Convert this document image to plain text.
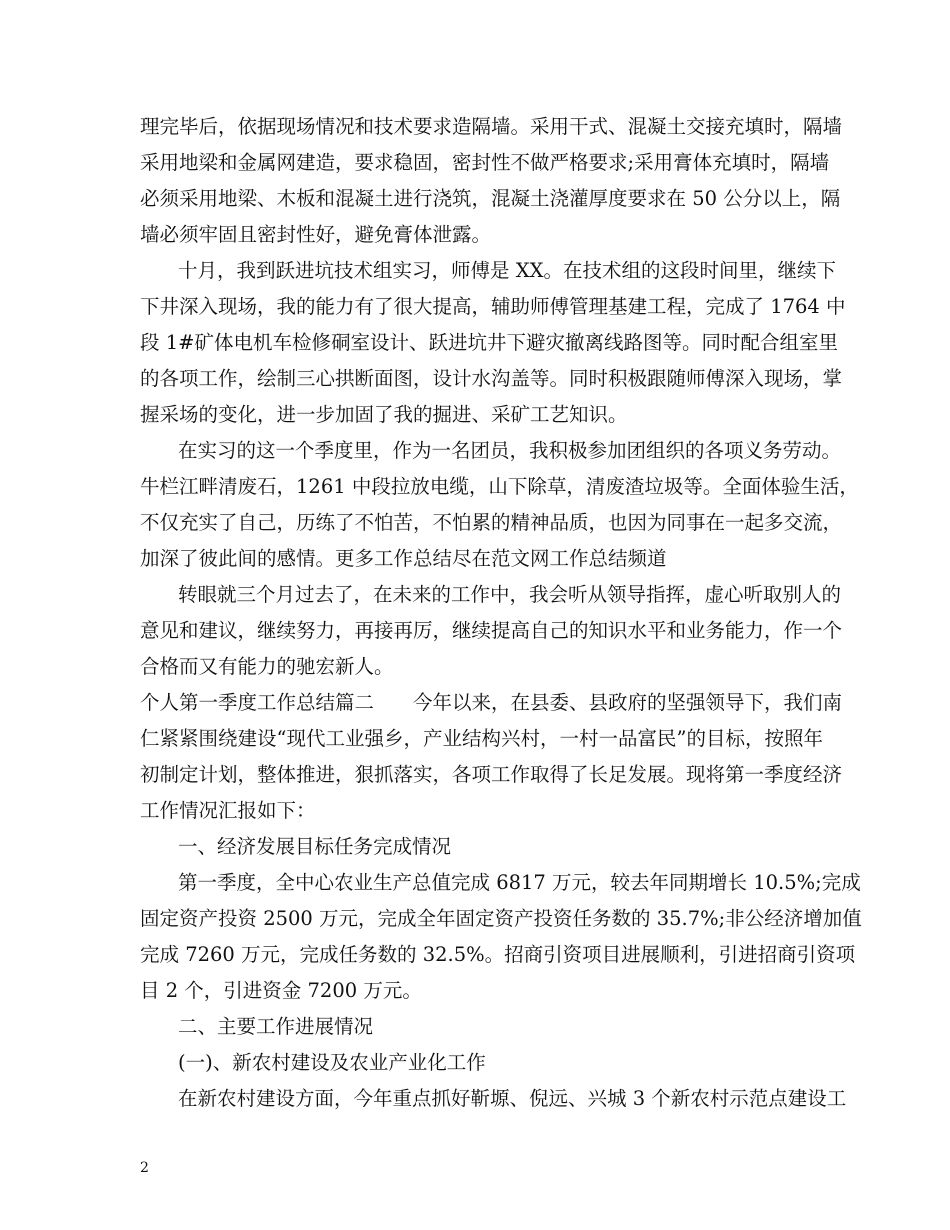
理完毕后，依据现场情况和技术要求造隔墙。采用干式、混凝土交接充填时，隔墙
采用地梁和金属网建造，要求稳固，密封性不做严格要求;采用膏体充填时，隔墙
必须采用地梁、木板和混凝土进行浇筑，混凝土浇灌厚度要求在 50 公分以上，隔
墙必须牢固且密封性好，避免膏体泄露。
十月，我到跃进坑技术组实习，师傅是 XX。在技术组的这段时间里，继续下
下井深入现场，我的能力有了很大提高，辅助师傅管理基建工程，完成了 1764 中
段 1#矿体电机车检修硐室设计、跃进坑井下避灾撤离线路图等。同时配合组室里
的各项工作，绘制三心拱断面图，设计水沟盖等。同时积极跟随师傅深入现场，掌
握采场的变化，进一步加固了我的掘进、采矿工艺知识。
在实习的这一个季度里，作为一名团员，我积极参加团组织的各项义务劳动。
牛栏江畔清废石，1261 中段拉放电缆，山下除草，清废渣垃圾等。全面体验生活，
不仅充实了自己，历练了不怕苦，不怕累的精神品质，也因为同事在一起多交流，
加深了彼此间的感情。更多工作总结尽在范文网工作总结频道
转眼就三个月过去了，在未来的工作中，我会听从领导指挥，虚心听取别人的
意见和建议，继续努力，再接再厉，继续提高自己的知识水平和业务能力，作一个
合格而又有能力的驰宏新人。
个人第一季度工作总结篇二　　今年以来，在县委、县政府的坚强领导下，我们南
仁紧紧围绕建设“现代工业强乡，产业结构兴村，一村一品富民”的目标，按照年
初制定计划，整体推进，狠抓落实，各项工作取得了长足发展。现将第一季度经济
工作情况汇报如下：
一、经济发展目标任务完成情况
第一季度，全中心农业生产总值完成 6817 万元，较去年同期增长 10.5%;完成
固定资产投资 2500 万元，完成全年固定资产投资任务数的 35.7%;非公经济增加值
完成 7260 万元，完成任务数的 32.5%。招商引资项目进展顺利，引进招商引资项
目 2 个，引进资金 7200 万元。
二、主要工作进展情况
(一)、新农村建设及农业产业化工作
在新农村建设方面，今年重点抓好靳塬、倪远、兴城 3 个新农村示范点建设工
2
